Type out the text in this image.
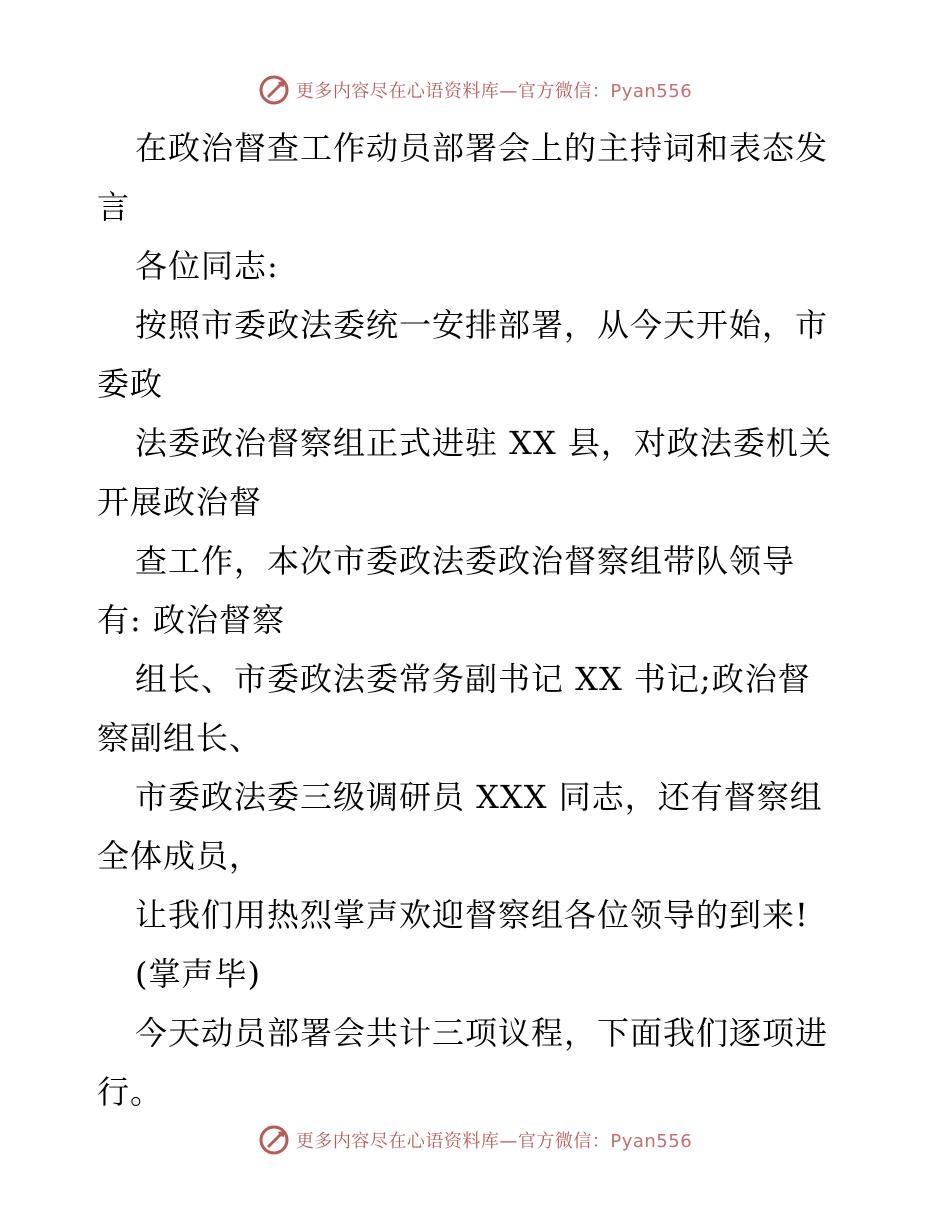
更多内容尽在心语资料库—官方微信：Pyan556
在政治督查工作动员部署会上的主持词和表态发
言
各位同志:
按照市委政法委统一安排部署，从今天开始，市
委政
法委政治督察组正式进驻 XX 县，对政法委机关
开展政治督
查工作，本次市委政法委政治督察组带队领导
有: 政治督察
组长、市委政法委常务副书记 XX 书记;政治督
察副组长、
市委政法委三级调研员 XXX 同志，还有督察组
全体成员，
让我们用热烈掌声欢迎督察组各位领导的到来!
(掌声毕)
今天动员部署会共计三项议程，下面我们逐项进
行。
更多内容尽在心语资料库—官方微信：Pyan556
